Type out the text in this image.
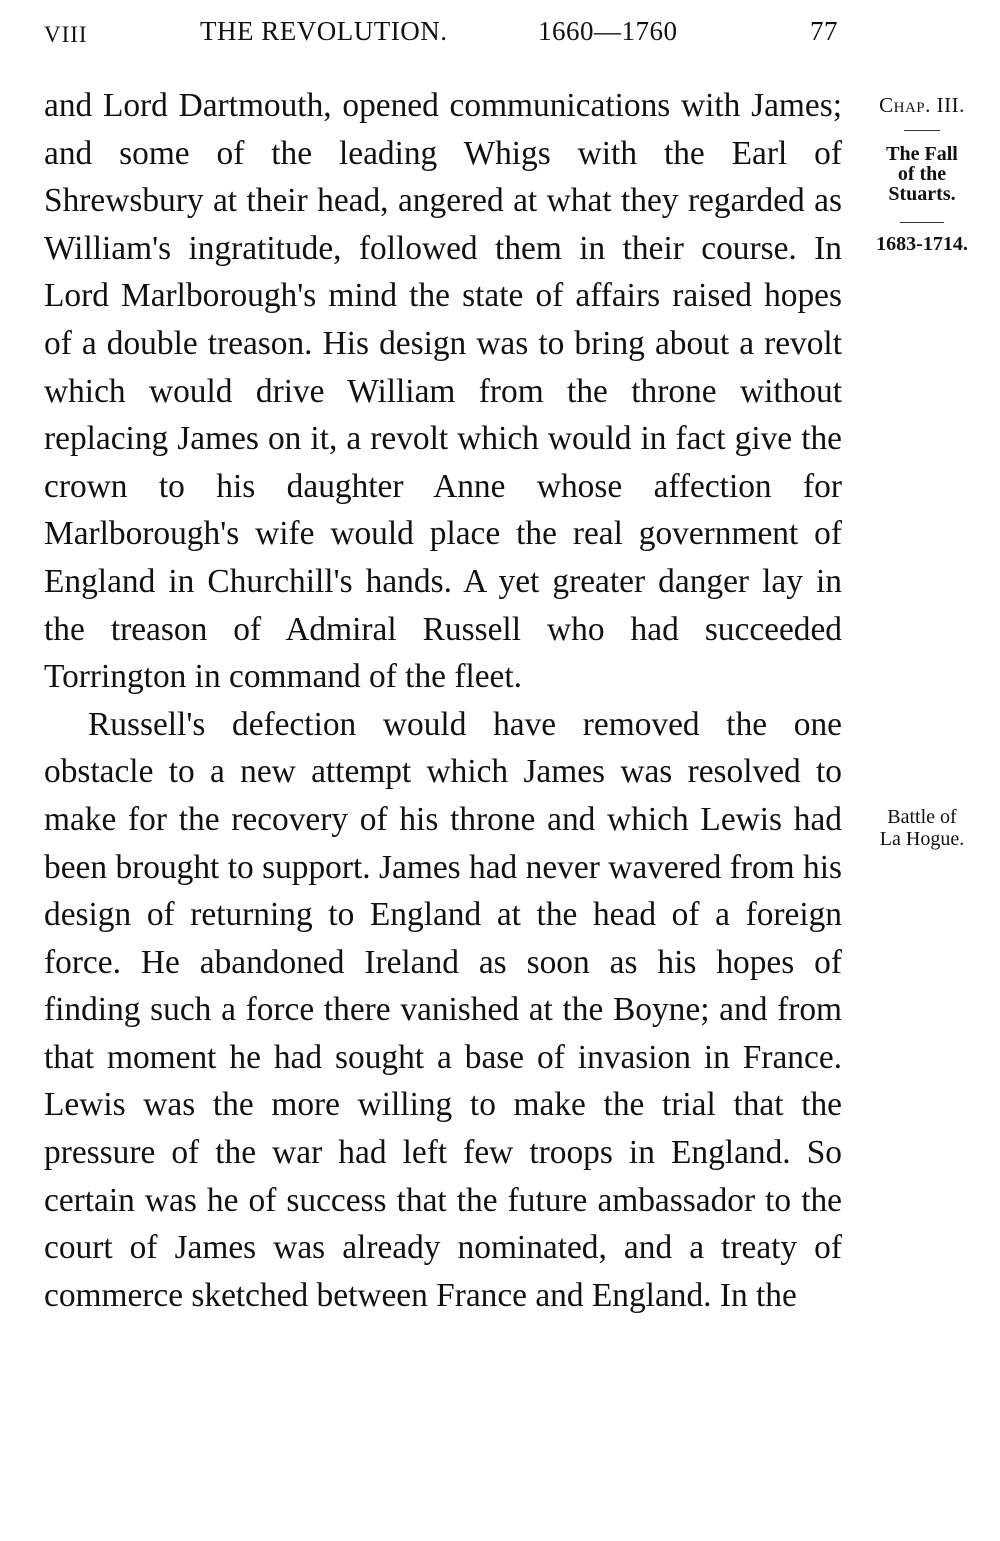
VIII	THE REVOLUTION.	1660—1760	77

and Lord Dartmouth, opened communications with James; and some of the leading Whigs with the Earl of Shrewsbury at their head, angered at what they regarded as William's ingratitude, followed them in their course. In Lord Marlborough's mind the state of affairs raised hopes of a double treason. His design was to bring about a revolt which would drive William from the throne without replacing James on it, a revolt which would in fact give the crown to his daughter Anne whose affection for Marlborough's wife would place the real government of England in Churchill's hands. A yet greater danger lay in the treason of Admiral Russell who had succeeded Torrington in command of the fleet.

Russell's defection would have removed the one obstacle to a new attempt which James was resolved to make for the recovery of his throne and which Lewis had been brought to support. James had never wavered from his design of returning to England at the head of a foreign force. He abandoned Ireland as soon as his hopes of finding such a force there vanished at the Boyne; and from that moment he had sought a base of invasion in France. Lewis was the more willing to make the trial that the pressure of the war had left few troops in England. So certain was he of success that the future ambassador to the court of James was already nominated, and a treaty of commerce sketched between France and England. In the

Chap. III.
The Fall
of the
Stuarts.
1683-1714.
Battle of
La Hogue.
